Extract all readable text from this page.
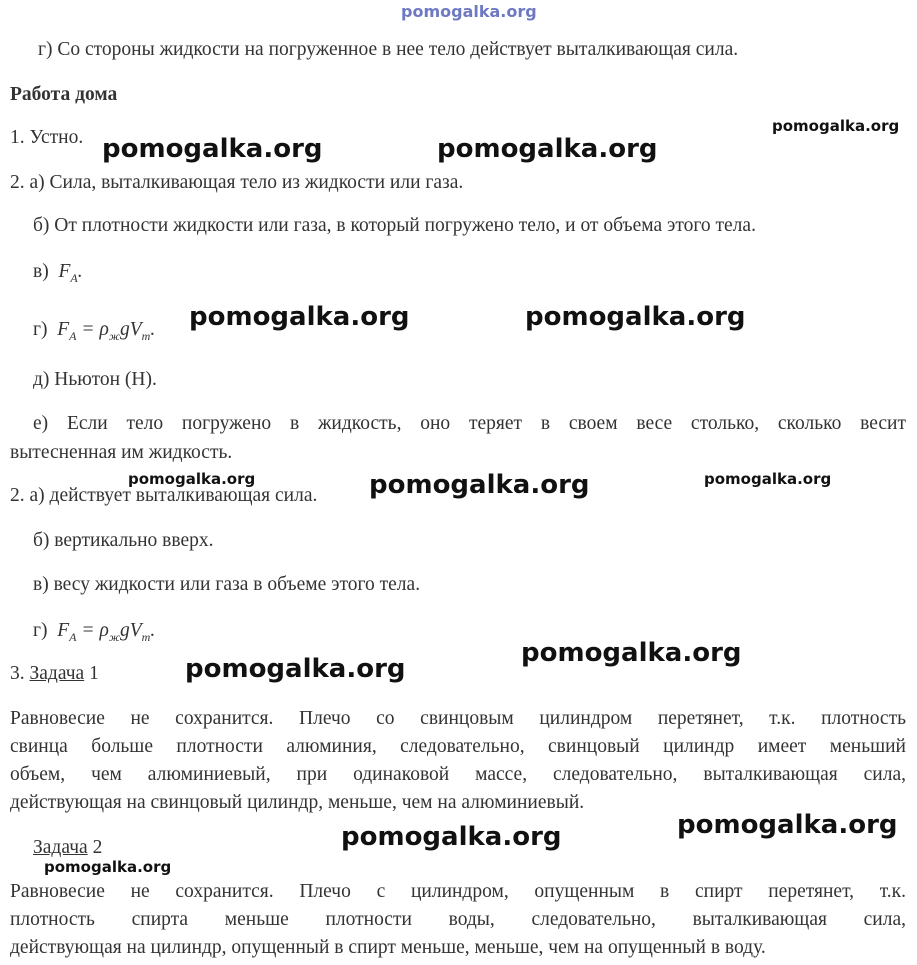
pomogalka.org
г) Со стороны жидкости на погруженное в нее тело действует выталкивающая сила.
Работа дома
1. Устно.
2. а) Сила, выталкивающая тело из жидкости или газа.
б) От плотности жидкости или газа, в который погружено тело, и от объема этого тела.
в) $F_A$.
г) $F_A = \rho_жgV_m$.
д) Ньютон (Н).
е) Если тело погружено в жидкость, оно теряет в своем весе столько, сколько весит
вытесненная им жидкость.
2. а) действует выталкивающая сила.
б) вертикально вверх.
в) весу жидкости или газа в объеме этого тела.
г) $F_A = \rho_жgV_m$.
3. Задача 1
Равновесие не сохранится. Плечо со свинцовым цилиндром перетянет, т.к. плотность
свинца больше плотности алюминия, следовательно, свинцовый цилиндр имеет меньший
объем, чем алюминиевый, при одинаковой массе, следовательно, выталкивающая сила,
действующая на свинцовый цилиндр, меньше, чем на алюминиевый.
Задача 2
Равновесие не сохранится. Плечо с цилиндром, опущенным в спирт перетянет, т.к.
плотность спирта меньше плотности воды, следовательно, выталкивающая сила,
действующая на цилиндр, опущенный в спирт меньше, меньше, чем на опущенный в воду.
pomogalka.org	pomogalka.org
pomogalka.org
pomogalka.org	pomogalka.org
pomogalka.org	pomogalka.org	pomogalka.org
pomogalka.org
pomogalka.org
pomogalka.org
pomogalka.org
pomogalka.org
